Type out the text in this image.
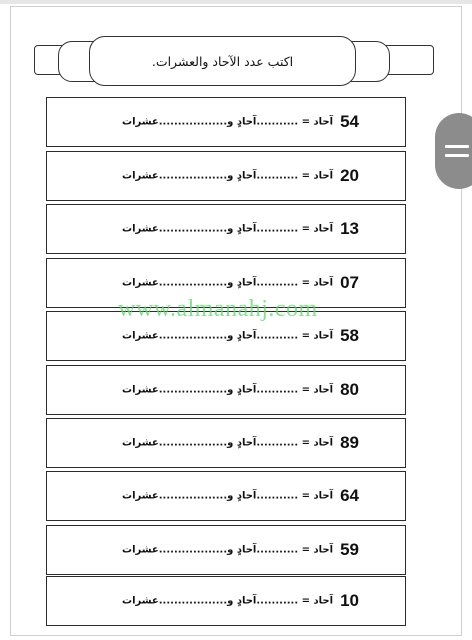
اكتب عدد الآحاد والعشرات.
54
آحاد = ...........آحادٍ و..................عشرات
20
آحاد = ...........آحادٍ و..................عشرات
13
آحاد = ...........آحادٍ و..................عشرات
07
آحاد = ...........آحادٍ و..................عشرات
58
آحاد = ...........آحادٍ و..................عشرات
80
آحاد = ...........آحادٍ و..................عشرات
89
آحاد = ...........آحادٍ و..................عشرات
64
آحاد = ...........آحادٍ و..................عشرات
59
آحاد = ...........آحادٍ و..................عشرات
10
آحاد = ...........آحادٍ و..................عشرات
www.almanahj.com
